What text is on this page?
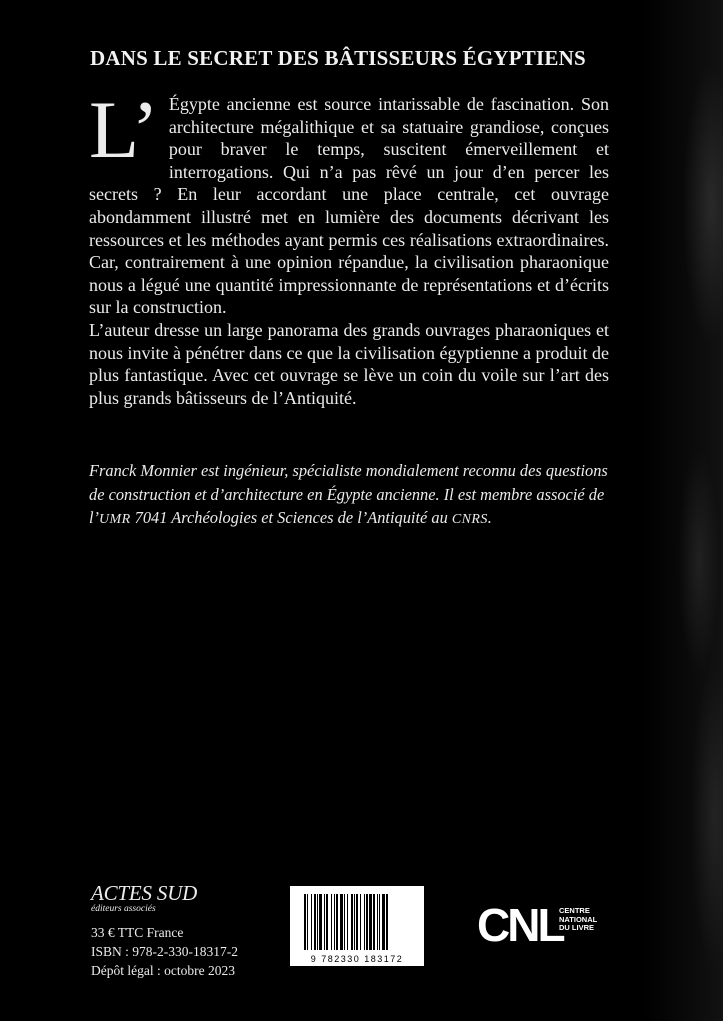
DANS LE SECRET DES BÂTISSEURS ÉGYPTIENS

L’ Égypte ancienne est source intarissable de fascination. Son architecture mégalithique et sa statuaire grandiose, conçues pour braver le temps, suscitent émerveillement et interrogations. Qui n’a pas rêvé un jour d’en percer les secrets ? En leur accordant une place centrale, cet ouvrage abondamment illustré met en lumière des documents décrivant les ressources et les méthodes ayant permis ces réalisations extraordinaires. Car, contrairement à une opinion répandue, la civilisation pharaonique nous a légué une quantité impressionnante de représentations et d’écrits sur la construction.

L’auteur dresse un large panorama des grands ouvrages pharaoniques et nous invite à pénétrer dans ce que la civilisation égyptienne a produit de plus fantastique. Avec cet ouvrage se lève un coin du voile sur l’art des plus grands bâtisseurs de l’Antiquité.

Franck Monnier est ingénieur, spécialiste mondialement reconnu des questions de construction et d’architecture en Égypte ancienne. Il est membre associé de l’UMR 7041 Archéologies et Sciences de l’Antiquité au CNRS.
ACTES SUD
éditeurs associés
33 € TTC France
ISBN : 978-2-330-18317-2
Dépôt légal : octobre 2023
9 782330 183172
CNL
CENTRE
NATIONAL
DU LIVRE
